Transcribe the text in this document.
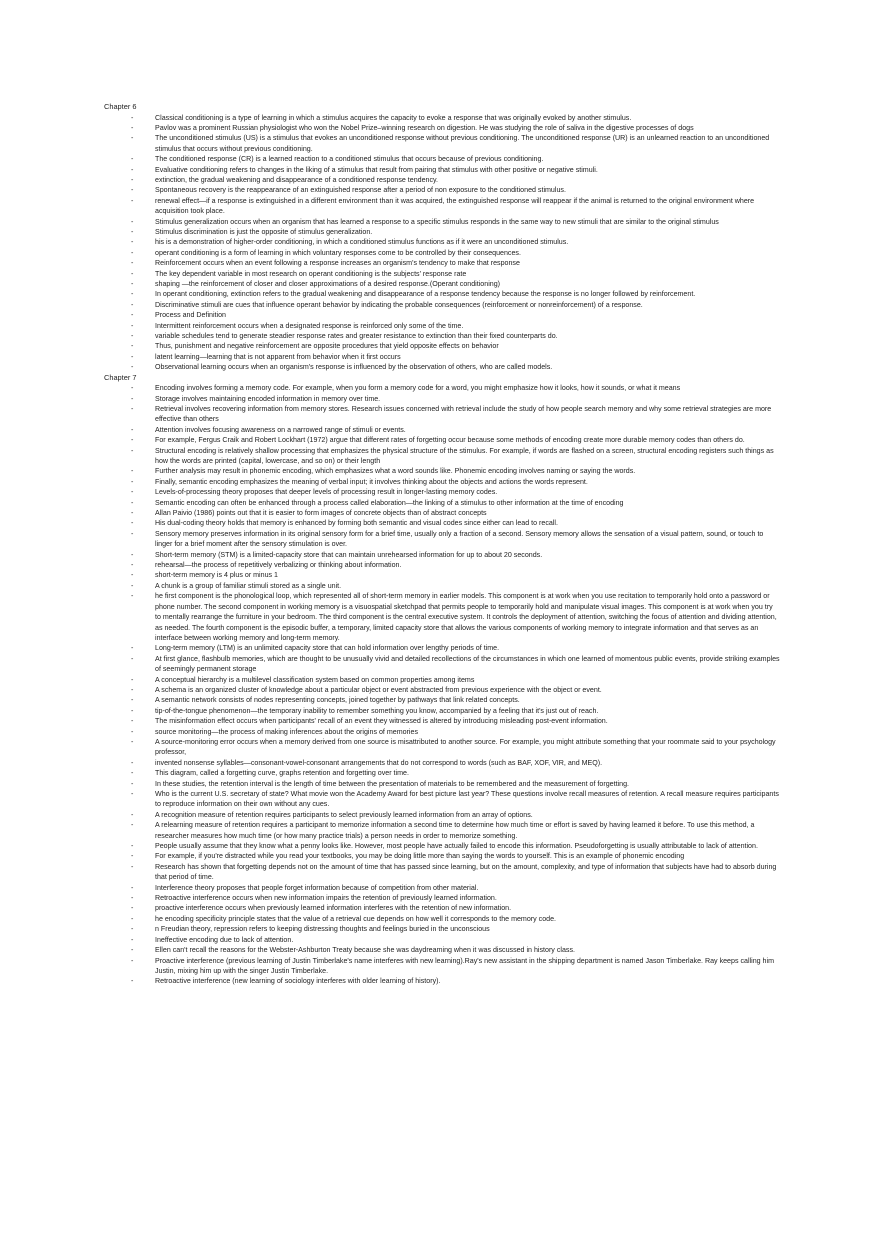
Chapter 6
-	Classical conditioning is a type of learning in which a stimulus acquires the capacity to evoke a response that was originally evoked by another stimulus.
-	Pavlov was a prominent Russian physiologist who won the Nobel Prize–winning research on digestion. He was studying the role of saliva in the digestive processes of dogs
-	The unconditioned stimulus (US) is a stimulus that evokes an unconditioned response without previous conditioning. The unconditioned response (UR) is an unlearned reaction to an unconditioned stimulus that occurs without previous conditioning.
-	The conditioned response (CR) is a learned reaction to a conditioned stimulus that occurs because of previous conditioning.
-	Evaluative conditioning refers to changes in the liking of a stimulus that result from pairing that stimulus with other positive or negative stimuli.
-	extinction, the gradual weakening and disappearance of a conditioned response tendency.
-	Spontaneous recovery is the reappearance of an extinguished response after a period of non exposure to the conditioned stimulus.
-	renewal effect—if a response is extinguished in a different environment than it was acquired, the extinguished response will reappear if the animal is returned to the original environment where acquisition took place.
-	Stimulus generalization occurs when an organism that has learned a response to a specific stimulus responds in the same way to new stimuli that are similar to the original stimulus
-	Stimulus discrimination is just the opposite of stimulus generalization.
-	his is a demonstration of higher-order conditioning, in which a conditioned stimulus functions as if it were an unconditioned stimulus.
-	operant conditioning is a form of learning in which voluntary responses come to be controlled by their consequences.
-	Reinforcement occurs when an event following a response increases an organism's tendency to make that response
-	The key dependent variable in most research on operant conditioning is the subjects' response rate
-	shaping —the reinforcement of closer and closer approximations of a desired response.(Operant conditioning)
-	In operant conditioning, extinction refers to the gradual weakening and disappearance of a response tendency because the response is no longer followed by reinforcement.
-	Discriminative stimuli are cues that influence operant behavior by indicating the probable consequences (reinforcement or nonreinforcement) of a response.
-	Process and Definition
-	Intermittent reinforcement occurs when a designated response is reinforced only some of the time.
-	variable schedules tend to generate steadier response rates and greater resistance to extinction than their fixed counterparts do.
-	Thus, punishment and negative reinforcement are opposite procedures that yield opposite effects on behavior
-	latent learning—learning that is not apparent from behavior when it first occurs
-	Observational learning occurs when an organism's response is influenced by the observation of others, who are called models.
Chapter 7
-	Encoding involves forming a memory code. For example, when you form a memory code for a word, you might emphasize how it looks, how it sounds, or what it means
-	Storage involves maintaining encoded information in memory over time.
-	Retrieval involves recovering information from memory stores. Research issues concerned with retrieval include the study of how people search memory and why some retrieval strategies are more effective than others
-	Attention involves focusing awareness on a narrowed range of stimuli or events.
-	For example, Fergus Craik and Robert Lockhart (1972) argue that different rates of forgetting occur because some methods of encoding create more durable memory codes than others do.
-	Structural encoding is relatively shallow processing that emphasizes the physical structure of the stimulus. For example, if words are flashed on a screen, structural encoding registers such things as how the words are printed (capital, lowercase, and so on) or their length
-	Further analysis may result in phonemic encoding, which emphasizes what a word sounds like. Phonemic encoding involves naming or saying the words.
-	Finally, semantic encoding emphasizes the meaning of verbal input; it involves thinking about the objects and actions the words represent.
-	Levels-of-processing theory proposes that deeper levels of processing result in longer-lasting memory codes.
-	Semantic encoding can often be enhanced through a process called elaboration—the linking of a stimulus to other information at the time of encoding
-	Allan Paivio (1986) points out that it is easier to form images of concrete objects than of abstract concepts
-	His dual-coding theory holds that memory is enhanced by forming both semantic and visual codes since either can lead to recall.
-	Sensory memory preserves information in its original sensory form for a brief time, usually only a fraction of a second. Sensory memory allows the sensation of a visual pattern, sound, or touch to linger for a brief moment after the sensory stimulation is over.
-	Short-term memory (STM) is a limited-capacity store that can maintain unrehearsed information for up to about 20 seconds.
-	rehearsal—the process of repetitively verbalizing or thinking about information.
-	short-term memory is 4 plus or minus 1
-	A chunk is a group of familiar stimuli stored as a single unit.
-	he first component is the phonological loop, which represented all of short-term memory in earlier models. This component is at work when you use recitation to temporarily hold onto a password or phone number. The second component in working memory is a visuospatial sketchpad that permits people to temporarily hold and manipulate visual images. This component is at work when you try to mentally rearrange the furniture in your bedroom. The third component is the central executive system. It controls the deployment of attention, switching the focus of attention and dividing attention, as needed. The fourth component is the episodic buffer, a temporary, limited capacity store that allows the various components of working memory to integrate information and that serves as an interface between working memory and long-term memory.
-	Long-term memory (LTM) is an unlimited capacity store that can hold information over lengthy periods of time.
-	At first glance, flashbulb memories, which are thought to be unusually vivid and detailed recollections of the circumstances in which one learned of momentous public events, provide striking examples of seemingly permanent storage
-	A conceptual hierarchy is a multilevel classification system based on common properties among items
-	A schema is an organized cluster of knowledge about a particular object or event abstracted from previous experience with the object or event.
-	A semantic network consists of nodes representing concepts, joined together by pathways that link related concepts.
-	tip-of-the-tongue phenomenon—the temporary inability to remember something you know, accompanied by a feeling that it's just out of reach.
-	The misinformation effect occurs when participants' recall of an event they witnessed is altered by introducing misleading post-event information.
-	source monitoring—the process of making inferences about the origins of memories
-	A source-monitoring error occurs when a memory derived from one source is misattributed to another source. For example, you might attribute something that your roommate said to your psychology professor,
-	invented nonsense syllables—consonant-vowel-consonant arrangements that do not correspond to words (such as BAF, XOF, VIR, and MEQ).
-	This diagram, called a forgetting curve, graphs retention and forgetting over time.
-	In these studies, the retention interval is the length of time between the presentation of materials to be remembered and the measurement of forgetting.
-	Who is the current U.S. secretary of state? What movie won the Academy Award for best picture last year? These questions involve recall measures of retention. A recall measure requires participants to reproduce information on their own without any cues.
-	A recognition measure of retention requires participants to select previously learned information from an array of options.
-	A relearning measure of retention requires a participant to memorize information a second time to determine how much time or effort is saved by having learned it before. To use this method, a researcher measures how much time (or how many practice trials) a person needs in order to memorize something.
-	People usually assume that they know what a penny looks like. However, most people have actually failed to encode this information. Pseudoforgetting is usually attributable to lack of attention.
-	For example, if you're distracted while you read your textbooks, you may be doing little more than saying the words to yourself. This is an example of phonemic encoding
-	Research has shown that forgetting depends not on the amount of time that has passed since learning, but on the amount, complexity, and type of information that subjects have had to absorb during that period of time.
-	Interference theory proposes that people forget information because of competition from other material.
-	Retroactive interference occurs when new information impairs the retention of previously learned information.
-	proactive interference occurs when previously learned information interferes with the retention of new information.
-	he encoding specificity principle states that the value of a retrieval cue depends on how well it corresponds to the memory code.
-	n Freudian theory, repression refers to keeping distressing thoughts and feelings buried in the unconscious
-	Ineffective encoding due to lack of attention.
-	Ellen can't recall the reasons for the Webster-Ashburton Treaty because she was daydreaming when it was discussed in history class.
-	Proactive interference (previous learning of Justin Timberlake's name interferes with new learning).Ray's new assistant in the shipping department is named Jason Timberlake. Ray keeps calling him Justin, mixing him up with the singer Justin Timberlake.
-	Retroactive interference (new learning of sociology interferes with older learning of history).
